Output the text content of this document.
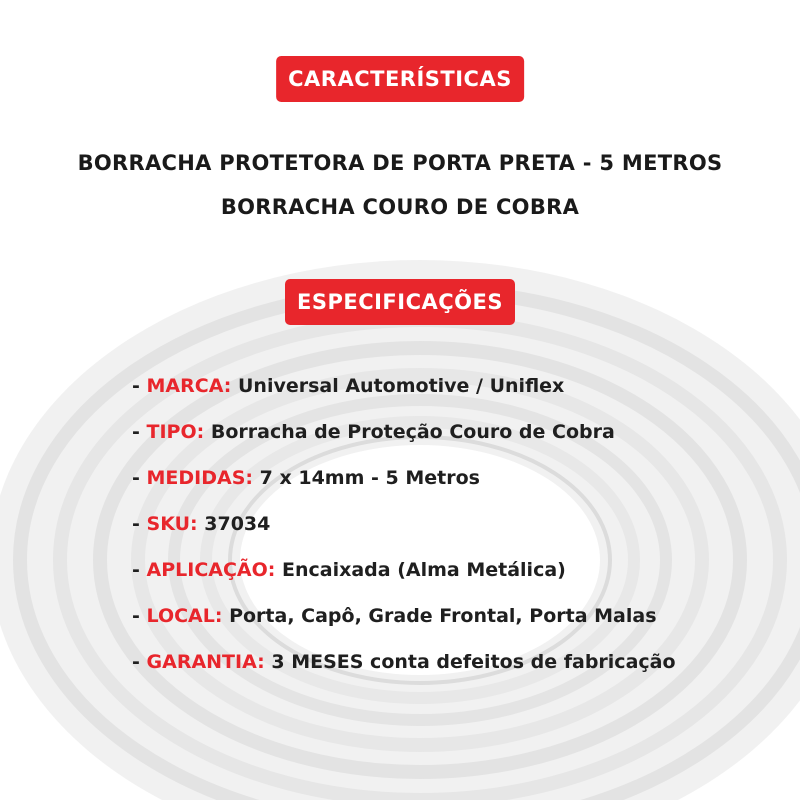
CARACTERÍSTICAS
BORRACHA PROTETORA DE PORTA PRETA - 5 METROS
BORRACHA COURO DE COBRA
ESPECIFICAÇÕES
- MARCA: Universal Automotive / Uniflex
- TIPO: Borracha de Proteção Couro de Cobra
- MEDIDAS: 7 x 14mm - 5 Metros
- SKU: 37034
- APLICAÇÃO: Encaixada (Alma Metálica)
- LOCAL: Porta, Capô, Grade Frontal, Porta Malas
- GARANTIA: 3 MESES conta defeitos de fabricação
